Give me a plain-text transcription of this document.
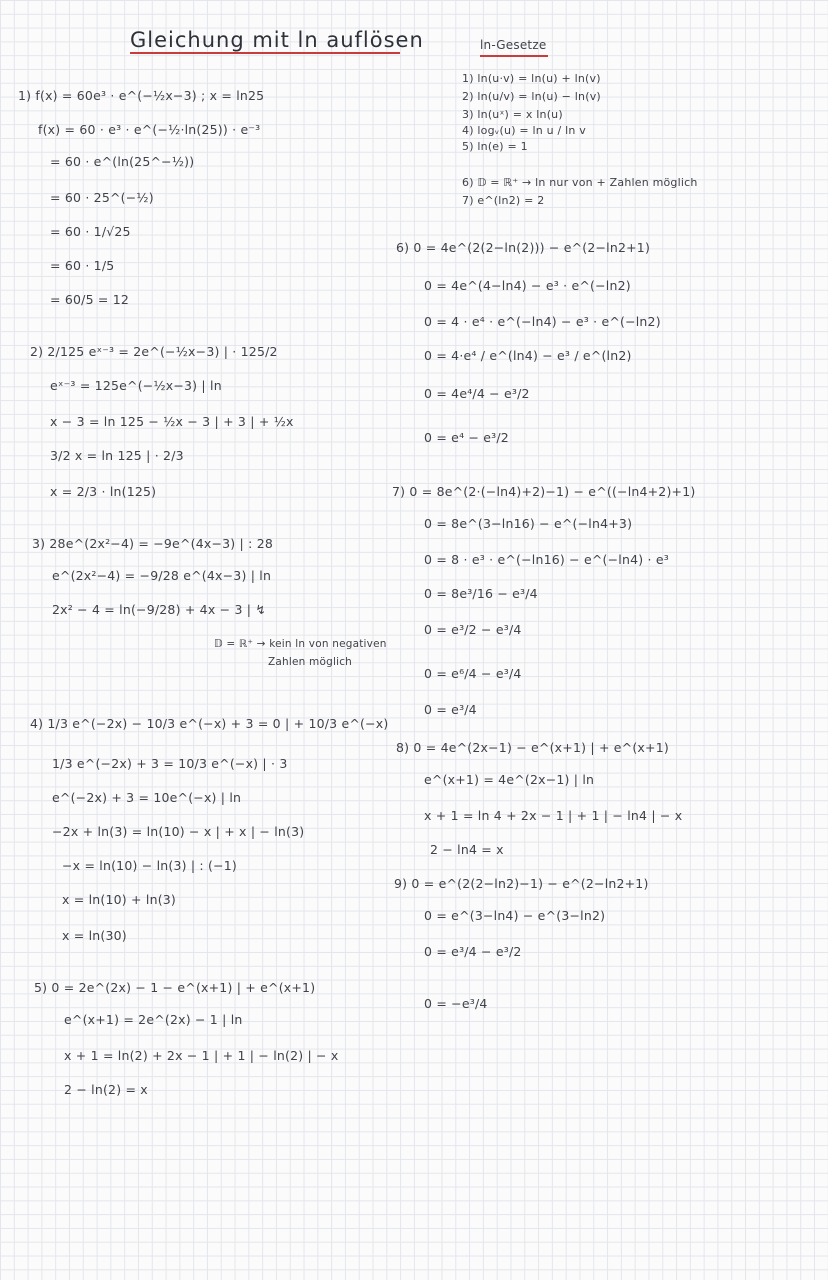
Gleichung mit ln auflösen	ln-Gesetze
1) ln(u·v) = ln(u) + ln(v)
2) ln(u/v) = ln(u) − ln(v)
3) ln(uˣ) = x ln(u)
4) logᵥ(u) = ln u / ln v
5) ln(e) = 1
6) 𝔻 = ℝ⁺ → ln nur von + Zahlen möglich
7) e^(ln2) = 2
1) f(x) = 60e³ · e^(−½x−3) ; x = ln25
f(x) = 60 · e³ · e^(−½·ln(25)) · e⁻³
= 60 · e^(ln(25^−½))
= 60 · 25^(−½)
= 60 · 1/√25
= 60 · 1/5
= 60/5 = 12
2) 2/125 eˣ⁻³ = 2e^(−½x−3) | · 125/2
eˣ⁻³ = 125e^(−½x−3) | ln
x − 3 = ln 125 − ½x − 3 | + 3 | + ½x
3/2 x = ln 125 | · 2/3
x = 2/3 · ln(125)
3) 28e^(2x²−4) = −9e^(4x−3) | : 28
e^(2x²−4) = −9/28 e^(4x−3) | ln
2x² − 4 = ln(−9/28) + 4x − 3 | ↯
𝔻 = ℝ⁺ → kein ln von negativen
Zahlen möglich
4) 1/3 e^(−2x) − 10/3 e^(−x) + 3 = 0 | + 10/3 e^(−x)
1/3 e^(−2x) + 3 = 10/3 e^(−x) | · 3
e^(−2x) + 3 = 10e^(−x) | ln
−2x + ln(3) = ln(10) − x | + x | − ln(3)
−x = ln(10) − ln(3) | : (−1)
x = ln(10) + ln(3)
x = ln(30)
5) 0 = 2e^(2x) − 1 − e^(x+1) | + e^(x+1)
e^(x+1) = 2e^(2x) − 1 | ln
x + 1 = ln(2) + 2x − 1 | + 1 | − ln(2) | − x
2 − ln(2) = x
6) 0 = 4e^(2(2−ln(2))) − e^(2−ln2+1)
0 = 4e^(4−ln4) − e³ · e^(−ln2)
0 = 4 · e⁴ · e^(−ln4) − e³ · e^(−ln2)
0 = 4·e⁴ / e^(ln4) − e³ / e^(ln2)
0 = 4e⁴/4 − e³/2
0 = e⁴ − e³/2
7) 0 = 8e^(2·(−ln4)+2)−1) − e^((−ln4+2)+1)
0 = 8e^(3−ln16) − e^(−ln4+3)
0 = 8 · e³ · e^(−ln16) − e^(−ln4) · e³
0 = 8e³/16 − e³/4
0 = e³/2 − e³/4
0 = e⁶/4 − e³/4
0 = e³/4
8) 0 = 4e^(2x−1) − e^(x+1) | + e^(x+1)
e^(x+1) = 4e^(2x−1) | ln
x + 1 = ln 4 + 2x − 1 | + 1 | − ln4 | − x
2 − ln4 = x
9) 0 = e^(2(2−ln2)−1) − e^(2−ln2+1)
0 = e^(3−ln4) − e^(3−ln2)
0 = e³/4 − e³/2
0 = −e³/4
